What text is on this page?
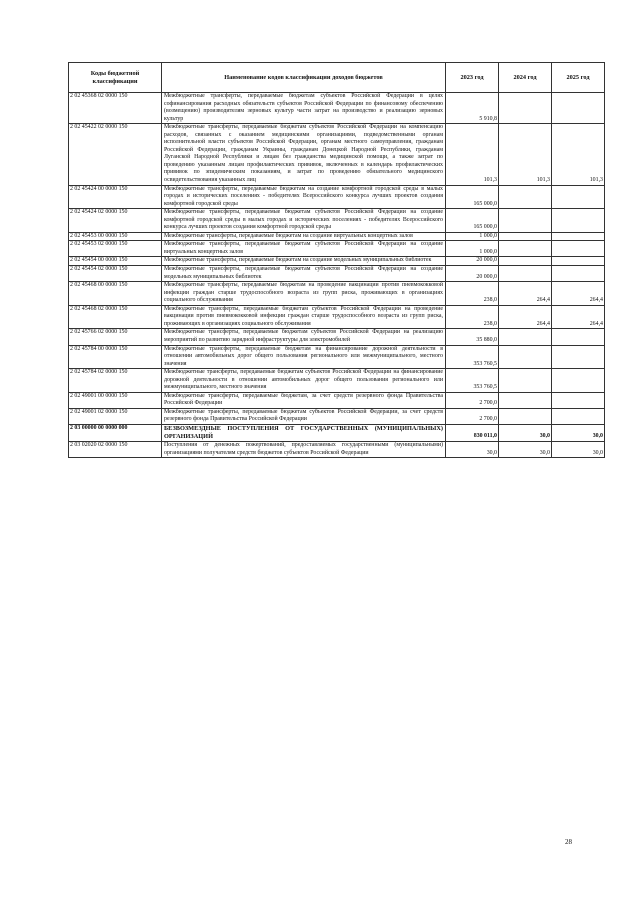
Коды бюджетной классификации	Наименование кодов классификации доходов бюджетов	2023 год	2024 год	2025 год
2 02 45368 02 0000 150	Межбюджетные трансферты, передаваемые бюджетам субъектов Российской Федерации в целях софинансирования расходных обязательств субъектов Российской Федерации по финансовому обеспечению (возмещению) производителям зерновых культур части затрат на производство и реализацию зерновых культур	5 910,8		
2 02 45422 02 0000 150	Межбюджетные трансферты, передаваемые бюджетам субъектов Российской Федерации на компенсацию расходов, связанных с оказанием медицинскими организациями, подведомственными органам исполнительной власти субъектов Российской Федерации, органам местного самоуправления, гражданам Российской Федерации, гражданам Украины, гражданам Донецкой Народной Республики, гражданам Луганской Народной Республики и лицам без гражданства медицинской помощи, а также затрат по проведению указанным лицам профилактических прививок, включенных в календарь профилактических прививок по эпидемическим показаниям, и затрат по проведению обязательного медицинского освидетельствования указанных лиц	101,3	101,3	101,3
2 02 45424 00 0000 150	Межбюджетные трансферты, передаваемые бюджетам на создание комфортной городской среды в малых городах и исторических поселениях - победителях Всероссийского конкурса лучших проектов создания комфортной городской среды	165 000,0		
2 02 45424 02 0000 150	Межбюджетные трансферты, передаваемые бюджетам субъектов Российской Федерации на создание комфортной городской среды в малых городах и исторических поселениях - победителях Всероссийского конкурса лучших проектов создания комфортной городской среды	165 000,0		
2 02 45453 00 0000 150	Межбюджетные трансферты, передаваемые бюджетам на создание виртуальных концертных залов	1 000,0		
2 02 45453 02 0000 150	Межбюджетные трансферты, передаваемые бюджетам субъектов Российской Федерации на создание виртуальных концертных залов	1 000,0		
2 02 45454 00 0000 150	Межбюджетные трансферты, передаваемые бюджетам на создание модельных муниципальных библиотек	20 000,0		
2 02 45454 02 0000 150	Межбюджетные трансферты, передаваемые бюджетам субъектов Российской Федерации на создание модельных муниципальных библиотек	20 000,0		
2 02 45468 00 0000 150	Межбюджетные трансферты, передаваемые бюджетам на проведение вакцинации против пневмококковой инфекции граждан старше трудоспособного возраста из групп риска, проживающих в организациях социального обслуживания	238,0	264,4	264,4
2 02 45468 02 0000 150	Межбюджетные трансферты, передаваемые бюджетам субъектов Российской Федерации на проведение вакцинации против пневмококковой инфекции граждан старше трудоспособного возраста из групп риска, проживающих в организациях социального обслуживания	238,0	264,4	264,4
2 02 45766 02 0000 150	Межбюджетные трансферты, передаваемые бюджетам субъектов Российской Федерации на реализацию мероприятий по развитию зарядной инфраструктуры для электромобилей	35 880,0		
2 02 45784 00 0000 150	Межбюджетные трансферты, передаваемые бюджетам на финансирование дорожной деятельности в отношении автомобильных дорог общего пользования регионального или межмуниципального, местного значения	353 760,5		
2 02 45784 02 0000 150	Межбюджетные трансферты, передаваемые бюджетам субъектов Российской Федерации на финансирование дорожной деятельности в отношении автомобильных дорог общего пользования регионального или межмуниципального, местного значения	353 760,5		
2 02 49001 00 0000 150	Межбюджетные трансферты, передаваемые бюджетам, за счет средств резервного фонда Правительства Российской Федерации	2 700,0		
2 02 49001 02 0000 150	Межбюджетные трансферты, передаваемые бюджетам субъектов Российской Федерации, за счет средств резервного фонда Правительства Российской Федерации	2 700,0		
2 03 00000 00 0000 000	БЕЗВОЗМЕЗДНЫЕ ПОСТУПЛЕНИЯ ОТ ГОСУДАРСТВЕННЫХ (МУНИЦИПАЛЬНЫХ) ОРГАНИЗАЦИЙ	830 011,0	30,0	30,0
2 03 02020 02 0000 150	Поступления от денежных пожертвований, предоставляемых государственными (муниципальными) организациями получателям средств бюджетов субъектов Российской Федерации	30,0	30,0	30,0
28
